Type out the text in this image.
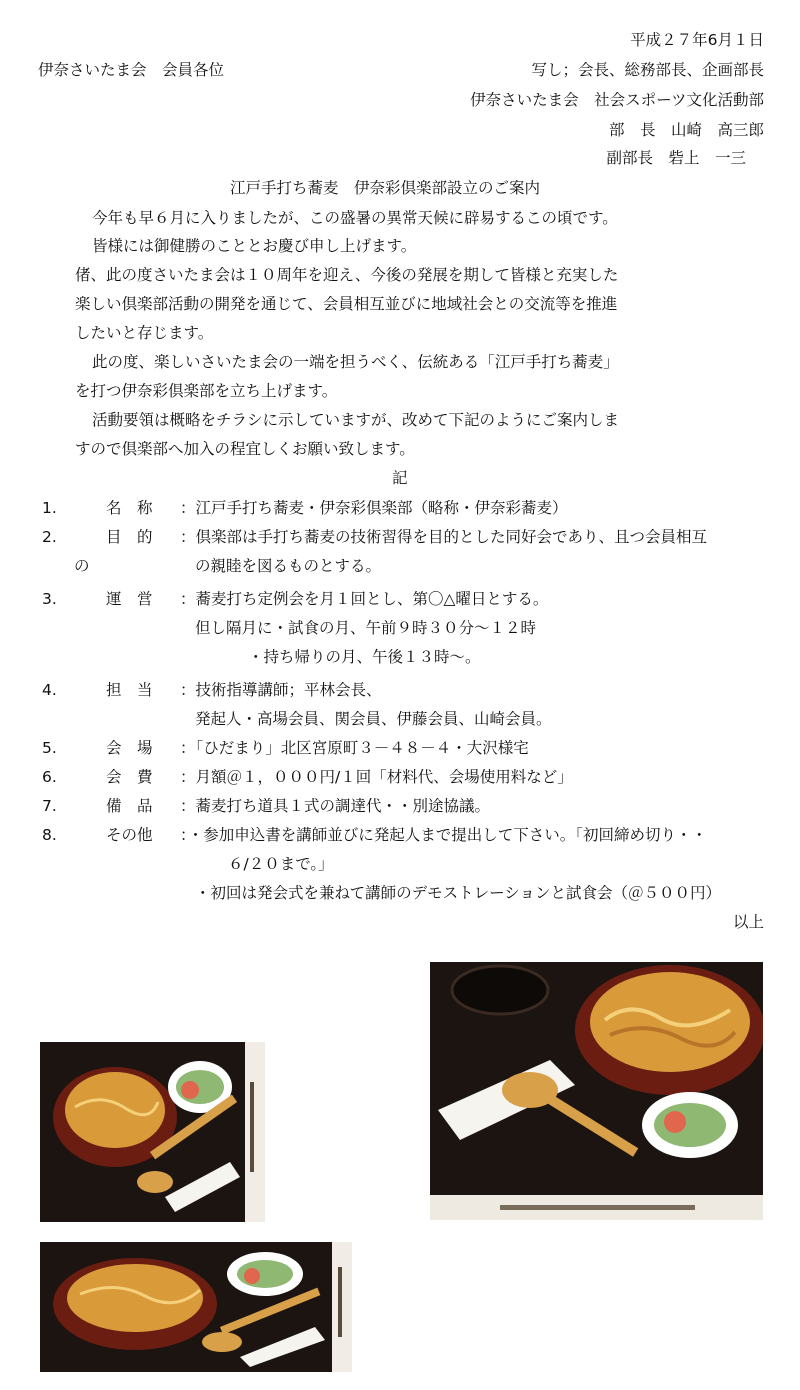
平成２７年6月１日
伊奈さいたま会　会員各位	写し；会長、総務部長、企画部長
伊奈さいたま会　社会スポーツ文化活動部
部　長　山崎　高三郎
副部長　砦上　一三
江戸手打ち蕎麦　伊奈彩倶楽部設立のご案内
今年も早６月に入りましたが、この盛暑の異常天候に辟易するこの頃です。
皆様には御健勝のこととお慶び申し上げます。
偖、此の度さいたま会は１０周年を迎え、今後の発展を期して皆様と充実した
楽しい倶楽部活動の開発を通じて、会員相互並びに地域社会との交流等を推進
したいと存じます。
此の度、楽しいさいたま会の一端を担うべく、伝統ある「江戸手打ち蕎麦」
を打つ伊奈彩倶楽部を立ち上げます。
活動要領は概略をチラシに示していますが、改めて下記のようにご案内しま
すので倶楽部へ加入の程宜しくお願い致します。
記
1.	名　称 ：江戸手打ち蕎麦・伊奈彩倶楽部（略称・伊奈彩蕎麦）
2.	目　的 ：倶楽部は手打ち蕎麦の技術習得を目的とした同好会であり、且つ会員相互
の	の親睦を図るものとする。
3.	運　営 ：蕎麦打ち定例会を月１回とし、第〇△曜日とする。
但し隔月に・試食の月、午前９時３０分～１２時
・持ち帰りの月、午後１３時～。
4.	担　当 ：技術指導講師；平林会長、
発起人・高場会員、関会員、伊藤会員、山崎会員。
5.	会　場 ：「ひだまり」北区宮原町３－４８－４・大沢様宅
6.	会　費 ：月額＠１，０００円/１回「材料代、会場使用料など」
7.	備　品 ：蕎麦打ち道具１式の調達代・・別途協議。
8.	その他 ：・参加申込書を講師並びに発起人まで提出して下さい。「初回締め切り・・
６/２０まで。」
・初回は発会式を兼ねて講師のデモストレーションと試食会（＠５００円）
以上
